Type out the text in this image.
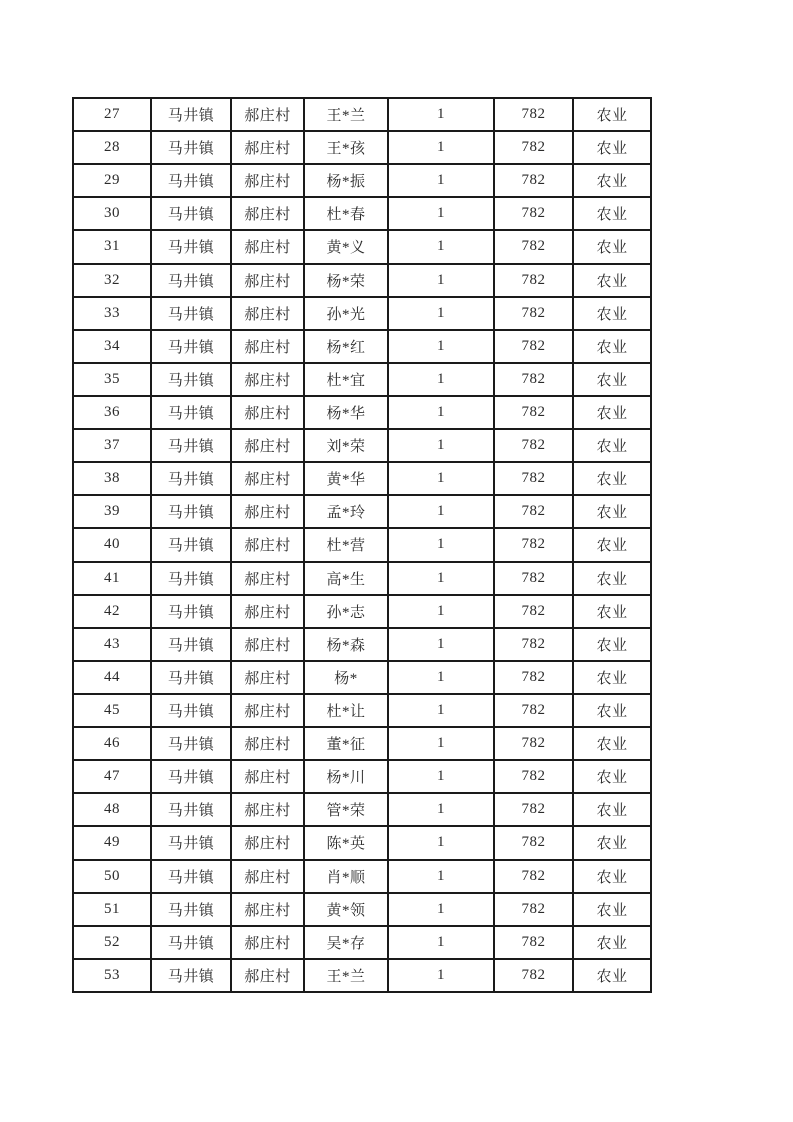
27	马井镇	郝庄村	王*兰	1	782	农业
28	马井镇	郝庄村	王*孩	1	782	农业
29	马井镇	郝庄村	杨*振	1	782	农业
30	马井镇	郝庄村	杜*春	1	782	农业
31	马井镇	郝庄村	黄*义	1	782	农业
32	马井镇	郝庄村	杨*荣	1	782	农业
33	马井镇	郝庄村	孙*光	1	782	农业
34	马井镇	郝庄村	杨*红	1	782	农业
35	马井镇	郝庄村	杜*宜	1	782	农业
36	马井镇	郝庄村	杨*华	1	782	农业
37	马井镇	郝庄村	刘*荣	1	782	农业
38	马井镇	郝庄村	黄*华	1	782	农业
39	马井镇	郝庄村	孟*玲	1	782	农业
40	马井镇	郝庄村	杜*营	1	782	农业
41	马井镇	郝庄村	高*生	1	782	农业
42	马井镇	郝庄村	孙*志	1	782	农业
43	马井镇	郝庄村	杨*森	1	782	农业
44	马井镇	郝庄村	杨*	1	782	农业
45	马井镇	郝庄村	杜*让	1	782	农业
46	马井镇	郝庄村	董*征	1	782	农业
47	马井镇	郝庄村	杨*川	1	782	农业
48	马井镇	郝庄村	管*荣	1	782	农业
49	马井镇	郝庄村	陈*英	1	782	农业
50	马井镇	郝庄村	肖*顺	1	782	农业
51	马井镇	郝庄村	黄*领	1	782	农业
52	马井镇	郝庄村	吴*存	1	782	农业
53	马井镇	郝庄村	王*兰	1	782	农业
